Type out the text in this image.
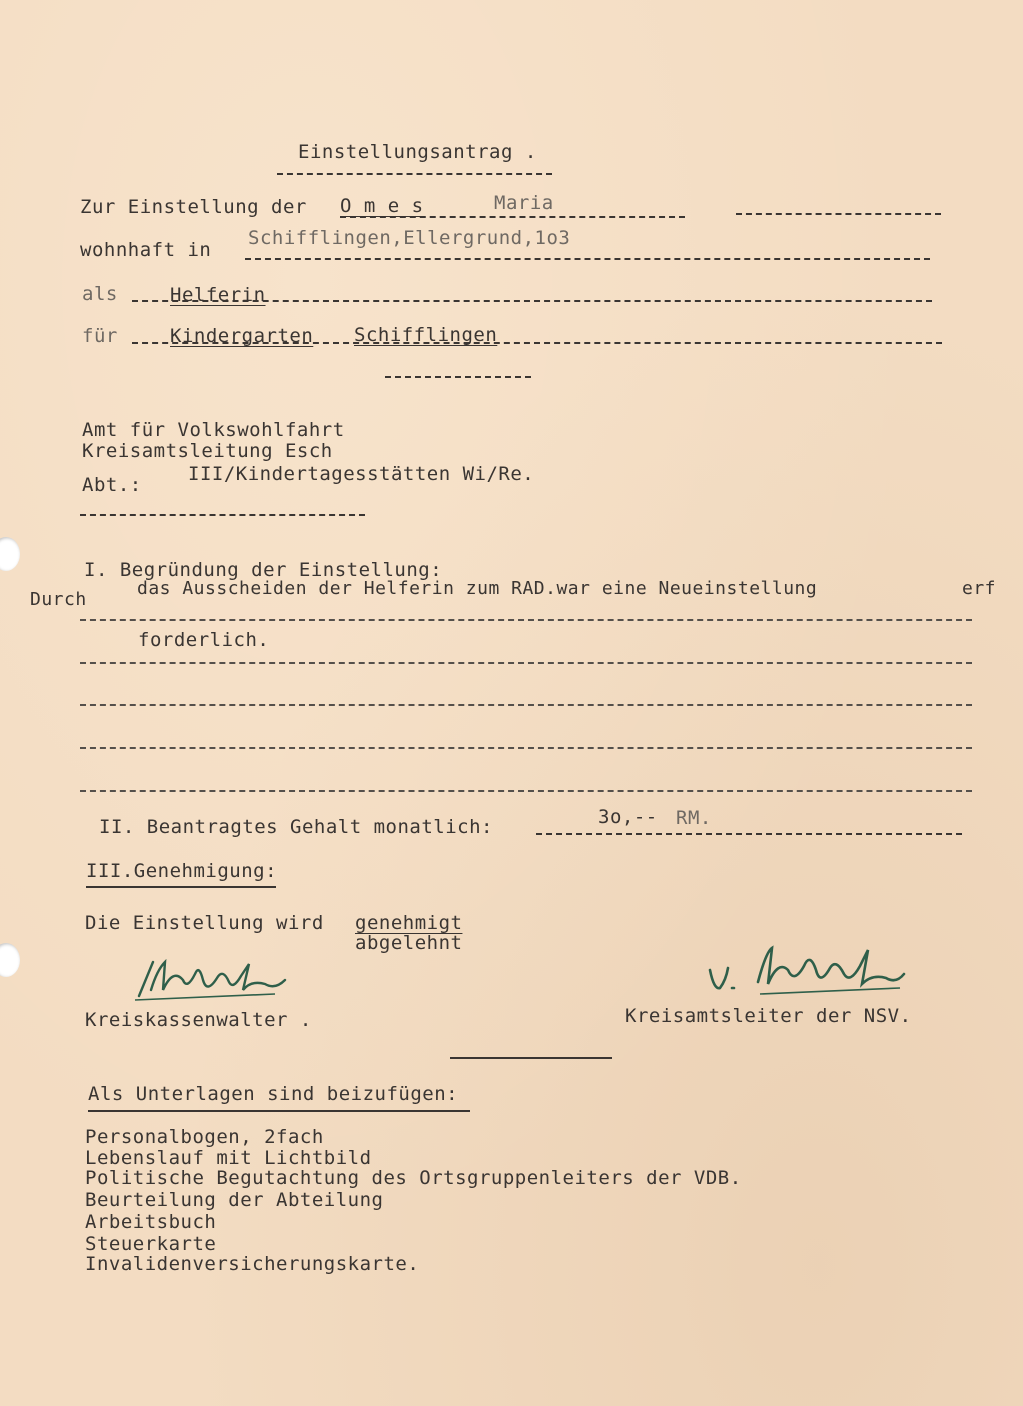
Einstellungsantrag .
Zur Einstellung der O m e s	Maria
wohnhaft in
Schifflingen,Ellergrund,1o3
als	Helferin
für	Kindergarten Schifflingen
Amt für Volkswohlfahrt
Kreisamtsleitung Esch
Abt.: III/Kindertagesstätten Wi/Re.
I. Begründung der Einstellung:
Durch
das Ausscheiden der Helferin zum RAD.war eine Neueinstellung	erf
forderlich.
II. Beantragtes Gehalt monatlich:	3o,-- RM.
III.Genehmigung:
Die Einstellung wird genehmigt
abgelehnt
Kreiskassenwalter .	Kreisamtsleiter der NSV.
Als Unterlagen sind beizufügen:
Personalbogen, 2fach
Lebenslauf mit Lichtbild
Politische Begutachtung des Ortsgruppenleiters der VDB.
Beurteilung der Abteilung
Arbeitsbuch
Steuerkarte
Invalidenversicherungskarte.
